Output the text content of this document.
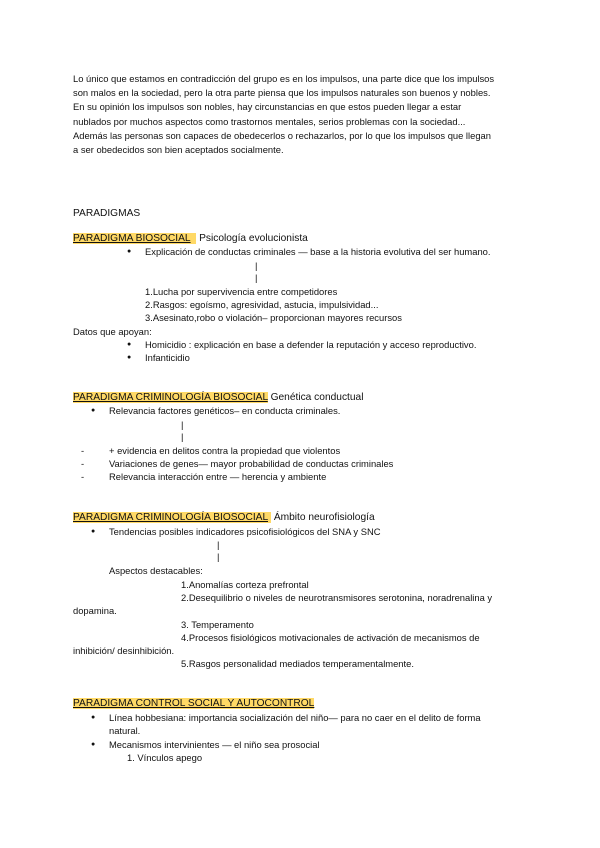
Lo único que estamos en contradicción del grupo es en los impulsos, una parte dice que los impulsos
son malos en la sociedad, pero la otra parte piensa que los impulsos naturales son buenos y nobles.
En su opinión los impulsos son nobles, hay circunstancias en que estos pueden llegar a estar
nublados por muchos aspectos como trastornos mentales, serios problemas con la sociedad...
Además las personas son capaces de obedecerlos o rechazarlos, por lo que los impulsos que llegan
a ser obedecidos son bien aceptados socialmente.
PARADIGMAS
PARADIGMA BIOSOCIAL Psicología evolucionista
● Explicación de conductas criminales — base a la historia evolutiva del ser humano.
|
|
1.Lucha por supervivencia entre competidores
2.Rasgos: egoísmo, agresividad, astucia, impulsividad...
3.Asesinato,robo o violación– proporcionan mayores recursos
Datos que apoyan:
● Homicidio : explicación en base a defender la reputación y acceso reproductivo.
● Infanticidio
PARADIGMA CRIMINOLOGÍA BIOSOCIAL Genética conductual
● Relevancia factores genéticos– en conducta criminales.
|
|
- + evidencia en delitos contra la propiedad que violentos
- Variaciones de genes— mayor probabilidad de conductas criminales
- Relevancia interacción entre — herencia y ambiente
PARADIGMA CRIMINOLOGÍA BIOSOCIAL Ámbito neurofisiología
● Tendencias posibles indicadores psicofisiológicos del SNA y SNC
|
|
Aspectos destacables:
1.Anomalías corteza prefrontal
2.Desequilibrio o niveles de neurotransmisores serotonina, noradrenalina y
dopamina.
3. Temperamento
4.Procesos fisiológicos motivacionales de activación de mecanismos de
inhibición/ desinhibición.
5.Rasgos personalidad mediados temperamentalmente.
PARADIGMA CONTROL SOCIAL Y AUTOCONTROL
● Línea hobbesiana: importancia socialización del niño— para no caer en el delito de forma
natural.
● Mecanismos intervinientes — el niño sea prosocial
1. Vínculos apego
